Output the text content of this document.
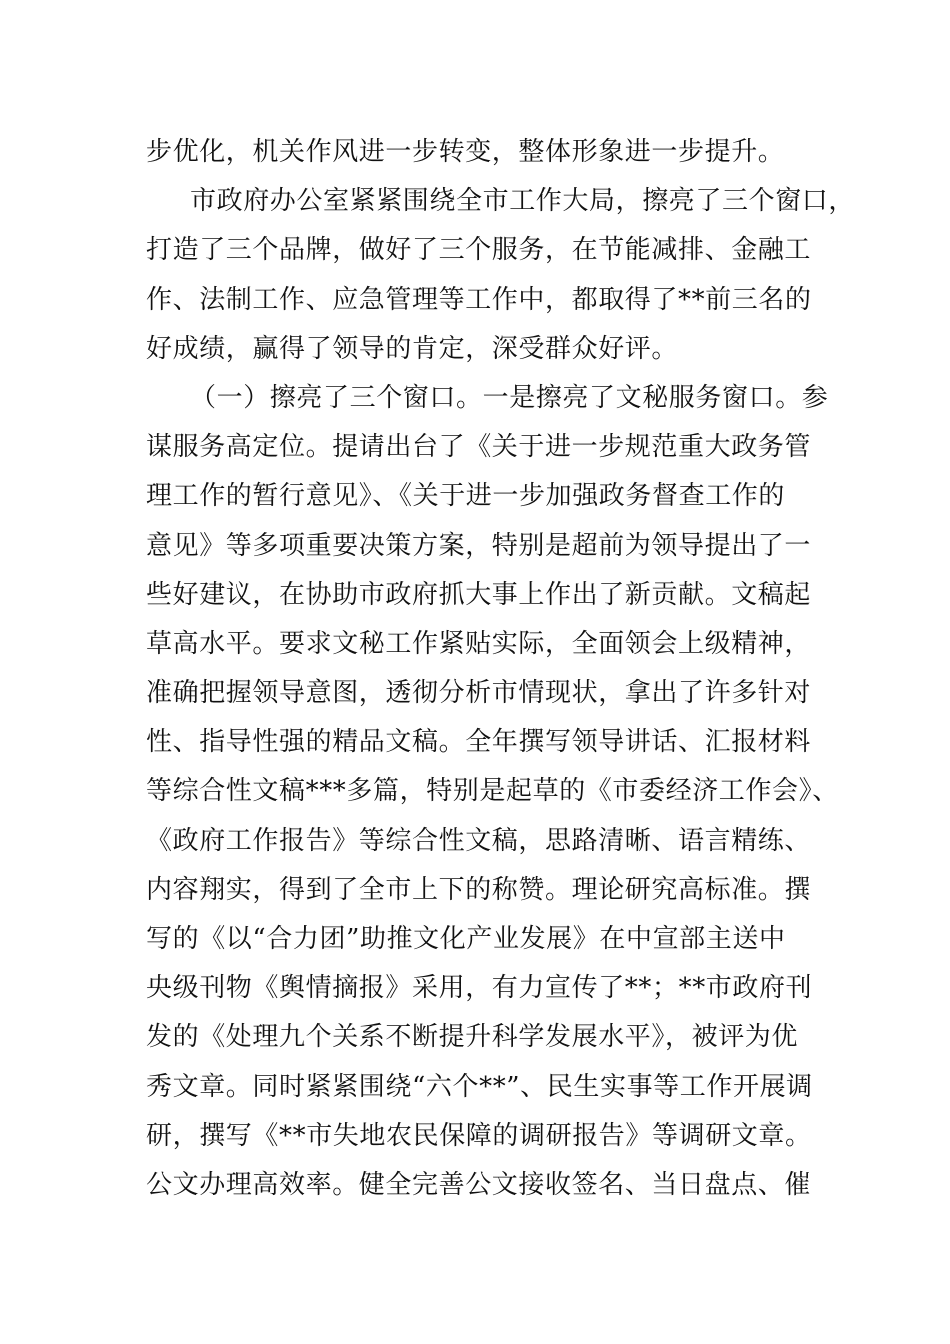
步优化，机关作风进一步转变，整体形象进一步提升。
市政府办公室紧紧围绕全市工作大局，擦亮了三个窗口，
打造了三个品牌，做好了三个服务，在节能减排、金融工
作、法制工作、应急管理等工作中，都取得了**前三名的
好成绩，赢得了领导的肯定，深受群众好评。
（一）擦亮了三个窗口。一是擦亮了文秘服务窗口。参
谋服务高定位。提请出台了《关于进一步规范重大政务管
理工作的暂行意见》、《关于进一步加强政务督查工作的
意见》等多项重要决策方案，特别是超前为领导提出了一
些好建议，在协助市政府抓大事上作出了新贡献。文稿起
草高水平。要求文秘工作紧贴实际，全面领会上级精神，
准确把握领导意图，透彻分析市情现状，拿出了许多针对
性、指导性强的精品文稿。全年撰写领导讲话、汇报材料
等综合性文稿***多篇，特别是起草的《市委经济工作会》、
《政府工作报告》等综合性文稿，思路清晰、语言精练、
内容翔实，得到了全市上下的称赞。理论研究高标准。撰
写的《以“合力团”助推文化产业发展》在中宣部主送中
央级刊物《舆情摘报》采用，有力宣传了**；**市政府刊
发的《处理九个关系不断提升科学发展水平》，被评为优
秀文章。同时紧紧围绕“六个**”、民生实事等工作开展调
研，撰写《**市失地农民保障的调研报告》等调研文章。
公文办理高效率。健全完善公文接收签名、当日盘点、催
